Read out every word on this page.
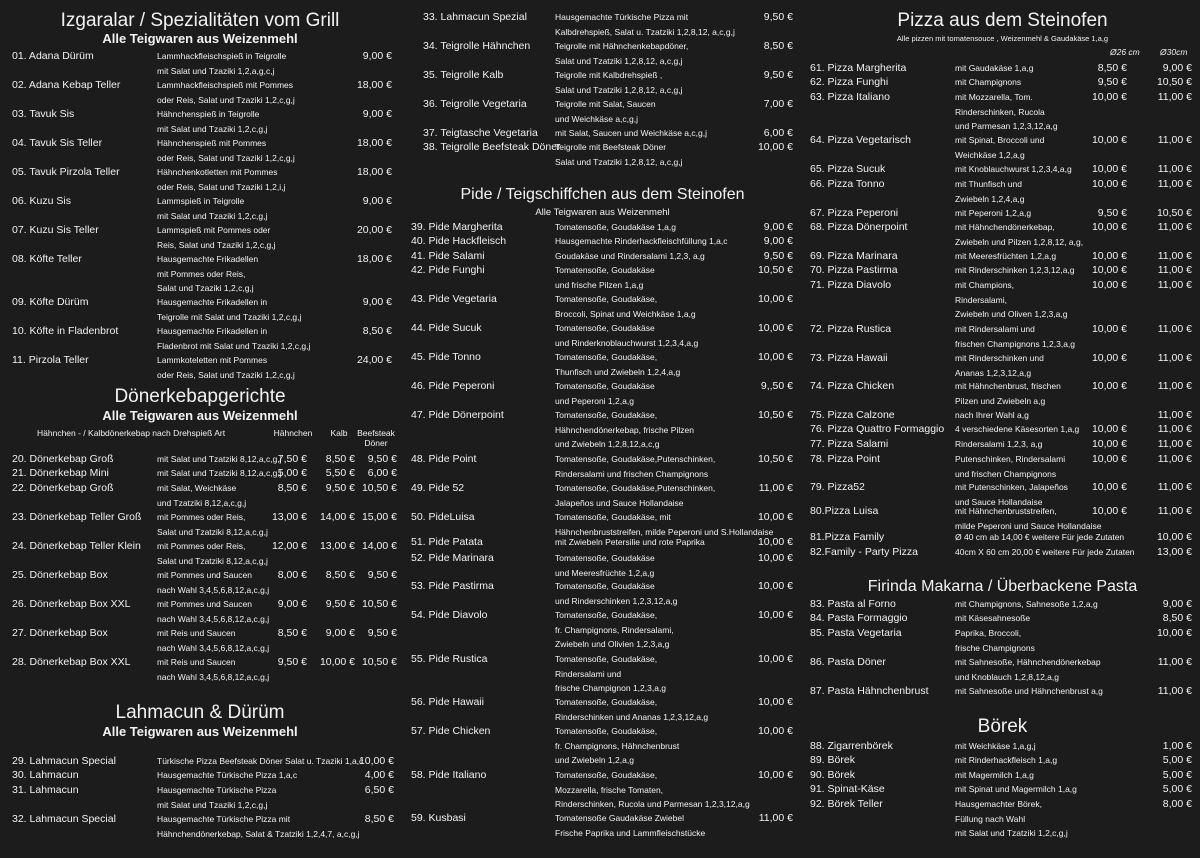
Izgaralar / Spezialitäten vom Grill
Alle Teigwaren aus Weizenmehl
01. Adana Dürüm	Lammhackfleischspieß in Teigrolle
mit Salat und Tzaziki 1,2,a,g,c,j
9,00 €
02. Adana Kebap Teller	Lammhackfleischspieß mit Pommes
oder Reis, Salat und Tzaziki 1,2,c,g,j
18,00 €
03. Tavuk Sis	Hähnchenspieß in Teigrolle
mit Salat und Tzaziki 1,2,c,g,j
9,00 €
04. Tavuk Sis Teller	Hähnchenspieß mit Pommes
oder Reis, Salat und Tzaziki 1,2,c,g,j
18,00 €
05. Tavuk Pirzola Teller	Hähnchenkotletten mit Pommes
oder Reis, Salat und Tzaziki 1,2,i,j
18,00 €
06. Kuzu Sis	Lammspieß in Teigrolle
mit Salat und Tzaziki 1,2,c,g,j
9,00 €
07. Kuzu Sis Teller	Lammspieß mit Pommes oder
Reis, Salat und Tzaziki 1,2,c,g,j
20,00 €
08. Köfte Teller	Hausgemachte Frikadellen
mit Pommes oder Reis,
Salat und Tzaziki 1,2,c,g,j
18,00 €
09. Köfte Dürüm	Hausgemachte Frikadellen in
Teigrolle mit Salat und Tzaziki 1,2,c,g,j
9,00 €
10. Köfte in Fladenbrot	Hausgemachte Frikadellen in
Fladenbrot mit Salat und Tzaziki 1,2,c,g,j
8,50 €
11. Pirzola Teller	Lammkoteletten mit Pommes
oder Reis, Salat und Tzaziki 1,2,c,g,j
24,00 €
Dönerkebapgerichte
Alle Teigwaren aus Weizenmehl
Hähnchen - / Kalbdönerkebap nach Drehspieß Art	Hähnchen	Kalb	Beefsteak Döner
20. Dönerkebap Groß	mit Salat und Tzatziki 8,12,a,c,g,j
7,50 €	8,50 €	9,50 €
21. Dönerkebap Mini	mit Salat und Tzatziki 8,12,a,c,g,j
5,00 €	5,50 €	6,00 €
22. Dönerkebap Groß	mit Salat, Weichkäse
und Tzatziki 8,12,a,c,g,j
8,50 €	9,50 € 10,50 €
23. Dönerkebap Teller Groß mit Pommes oder Reis,
Salat und Tzatziki 8,12,a,c,g,j
13,00 €	14,00 € 15,00 €
24. Dönerkebap Teller Klein mit Pommes oder Reis,
Salat und Tzatziki 8,12,a,c,g,j
12,00 €	13,00 € 14,00 €
25. Dönerkebap Box	mit Pommes und Saucen
nach Wahl 3,4,5,6,8,12,a,c,g,j
8,00 €	8,50 €	9,50 €
26. Dönerkebap Box XXL	mit Pommes und Saucen
nach Wahl 3,4,5,6,8,12,a,c,g,j
9,00 €	9,50 € 10,50 €
27. Dönerkebap Box	mit Reis und Saucen
nach Wahl 3,4,5,6,8,12,a,c,g,j
8,50 €	9,00 €	9,50 €
28. Dönerkebap Box XXL	mit Reis und Saucen
nach Wahl 3,4,5,6,8,12,a,c,g,j
9,50 €	10,00 € 10,50 €
Lahmacun & Dürüm
Alle Teigwaren aus Weizenmehl
29. Lahmacun Special	Türkische Pizza Beefsteak Döner Salat u. Tzaziki 1,a,c
10,00 €
30. Lahmacun	Hausgemachte Türkische Pizza 1,a,c	4,00 €
31. Lahmacun	Hausgemachte Türkische Pizza
mit Salat und Tzaziki 1,2,c,g,j
6,50 €
32. Lahmacun Special	Hausgemachte Türkische Pizza mit
Hähnchendönerkebap, Salat & Tzatziki 1,2,4,7, a,c,g,j
8,50 €
33. Lahmacun Spezial	Hausgemachte Türkische Pizza mit
Kalbdrehspieß, Salat u. Tzatziki 1,2,8,12, a,c,g,j
9,50 €
34. Teigrolle Hähnchen	Teigrolle mit Hähnchenkebapdöner,
Salat und Tzatziki 1,2,8,12, a,c,g,j
8,50 €
35. Teigrolle Kalb	Teigrolle mit Kalbdrehspieß ,
Salat und Tzatziki 1,2,8,12, a,c,g,j
9,50 €
36. Teigrolle Vegetaria	Teigrolle mit Salat, Saucen
und Weichkäse a,c,g,j
7,00 €
37. Teigtasche Vegetaria mit Salat, Saucen und Weichkäse a,c,g,j	6,00 €
38. Teigrolle Beefsteak Döner
Teigrolle mit Beefsteak Döner
Salat und Tzatziki 1,2,8,12, a,c,g,j
10,00 €
Pide / Teigschiffchen aus dem Steinofen
Alle Teigwaren aus Weizenmehl
39. Pide Margherita	Tomatensoße, Goudakäse 1,a,g	9,00 €
40. Pide Hackfleisch	Hausgemachte Rinderhackfleischfüllung 1,a,c	9,00 €
41. Pide Salami	Goudakäse und Rindersalami 1,2,3, a,g	9,50 €
42. Pide Funghi	Tomatensoße, Goudakäse
und frische Pilzen 1,a,g
10,50 €
43. Pide Vegetaria	Tomatensoße, Goudakäse,
Broccoli, Spinat und Weichkäse 1,a,g
10,00 €
44. Pide Sucuk	Tomatensoße, Goudakäse
und Rinderknoblauchwurst 1,2,3,4,a,g
10,00 €
45. Pide Tonno	Tomatensoße, Goudakäse,
Thunfisch und Zwiebeln 1,2,4,a,g
10,00 €
46. Pide Peperoni	Tomatensoße, Goudakäse
und Peperoni 1,2,a,g
9,,50 €
47. Pide Dönerpoint	Tomatensoße, Goudakäse,
Hähnchendönerkebap, frische Pilzen
und Zwiebeln 1,2,8,12,a,c,g
10,50 €
48. Pide Point	Tomatensoße, Goudakäse,Putenschinken,
Rindersalami und frischen Champignons
10,50 €
49. Pide 52	Tomatensoße, Goudakäse,Putenschinken,
Jalapeños und Sauce Hollandaise
11,00 €
50. PideLuisa	Tomatensoße, Goudakäse, mit
Hähnchenbruststreifen, milde Peperoni und S.Hollandaise
10,00 €
51. Pide Patata	mit Zwiebeln Petersilie und rote Paprika	10,00 €
52. Pide Marinara	Tomatensoße, Goudakäse
und Meeresfrüchte 1,2,a,g
10,00 €
53. Pide Pastirma	Tomatensoße, Goudakäse
und Rinderschinken 1,2,3,12,a,g
10,00 €
54. Pide Diavolo	Tomatensoße, Goudakäse,
fr. Champignons, Rindersalami,
Zwiebeln und Olivien 1,2,3,a,g
10,00 €
55. Pide Rustica	Tomatensoße, Goudakäse,
Rindersalami und
frische Champignon 1,2,3,a,g
10,00 €
56. Pide Hawaii	Tomatensoße, Goudakäse,
Rinderschinken und Ananas 1,2,3,12,a,g
10,00 €
57. Pide Chicken	Tomatensoße, Goudakäse,
fr. Champignons, Hähnchenbrust
und Zwiebeln 1,2,a,g
10,00 €
58. Pide Italiano	Tomatensoße, Goudakäse,
Mozzarella, frische Tomaten,
Rinderschinken, Rucola und Parmesan 1,2,3,12,a,g
10,00 €
59. Kusbasi	Tomatensoße Gaudakäse Zwiebel
Frische Paprika und Lammfleischstücke
11,00 €
Pizza aus dem Steinofen
Alle pizzen mit tomatensouce , Weizenmehl & Gaudakäse 1,a,g
Ø26 cm Ø30cm
61. Pizza Margherita	mit Gaudakäse 1,a,g	8,50 €	9,00 €
62. Pizza Funghi	mit Champignons	9,50 €	10,50 €
63. Pizza Italiano	mit Mozzarella, Tom.
Rinderschinken, Rucola
und Parmesan 1,2,3,12,a,g
10,00 €	11,00 €
64. Pizza Vegetarisch	mit Spinat, Broccoli und
Weichkäse 1,2,a,g
10,00 €	11,00 €
65. Pizza Sucuk	mit Knoblauchwurst 1,2,3,4,a,g	10,00 €	11,00 €
66. Pizza Tonno	mit Thunfisch und
Zwiebeln 1,2,4,a,g
10,00 €	11,00 €
67. Pizza Peperoni	mit Peperoni 1,2,a,g	9,50 €	10,50 €
68. Pizza Dönerpoint	mit Hähnchendönerkebap,
Zwiebeln und Pilzen 1,2,8,12, a,g,
10,00 €	11,00 €
69. Pizza Marinara	mit Meeresfrüchten 1,2,a,g	10,00 €	11,00 €
70. Pizza Pastirma	mit Rinderschinken 1,2,3,12,a,g	10,00 €	11,00 €
71. Pizza Diavolo	mit Champions,
Rindersalami,
Zwiebeln und Oliven 1,2,3,a,g
10,00 €	11,00 €
72. Pizza Rustica	mit Rindersalami und
frischen Champignons 1,2,3,a,g
10,00 €	11,00 €
73. Pizza Hawaii	mit Rinderschinken und
Ananas 1,2,3,12,a,g
10,00 €	11,00 €
74. Pizza Chicken	mit Hähnchenbrust, frischen
Pilzen und Zwiebeln a,g
10,00 €	11,00 €
75. Pizza Calzone	nach Ihrer Wahl a,g	11,00 €
76. Pizza Quattro Formaggio 4 verschiedene Käsesorten 1,a,g	10,00 €	11,00 €
77. Pizza Salami	Rindersalami 1,2,3, a,g	10,00 €	11,00 €
78. Pizza Point	Putenschinken, Rindersalami
und frischen Champignons
10,00 €	11,00 €
79. Pizza52	mit Putenschinken, Jalapeños
und Sauce Hollandaise
10,00 €	11,00 €
80.Pizza Luisa	mit Hähnchenbruststreifen,
milde Peperoni und Sauce Hollandaise
10,00 €	11,00 €
81.Pizza Family	Ø 40 cm ab 14,00 € weitere Für jede Zutaten	10,00 €
82.Family - Party Pizza	40cm X 60 cm 20,00 € weitere Für jede Zutaten	13,00 €
Firinda Makarna / Überbackene Pasta
83. Pasta al Forno	mit Champignons, Sahnesoße 1,2,a,g	9,00 €
84. Pasta Formaggio	mit Käsesahnesoße	8,50 €
85. Pasta Vegetaria	Paprika, Broccoli,
frische Champignons
10,00 €
86. Pasta Döner	mit Sahnesoße, Hähnchendönerkebap
und Knoblauch 1,2,8,12,a,g
11,00 €
87. Pasta Hähnchenbrust	mit Sahnesoße und Hähnchenbrust a,g	11,00 €
Börek
88. Zigarrenbörek	mit Weichkäse 1,a,g,j	1,00 €
89. Börek	mit Rinderhackfleisch 1,a,g	5,00 €
90. Börek	mit Magermilch 1,a,g	5,00 €
91. Spinat-Käse	mit Spinat und Magermilch 1,a,g	5,00 €
92. Börek Teller	Hausgemachter Börek,
Füllung nach Wahl
mit Salat und Tzatziki 1,2,c,g,j
8,00 €
